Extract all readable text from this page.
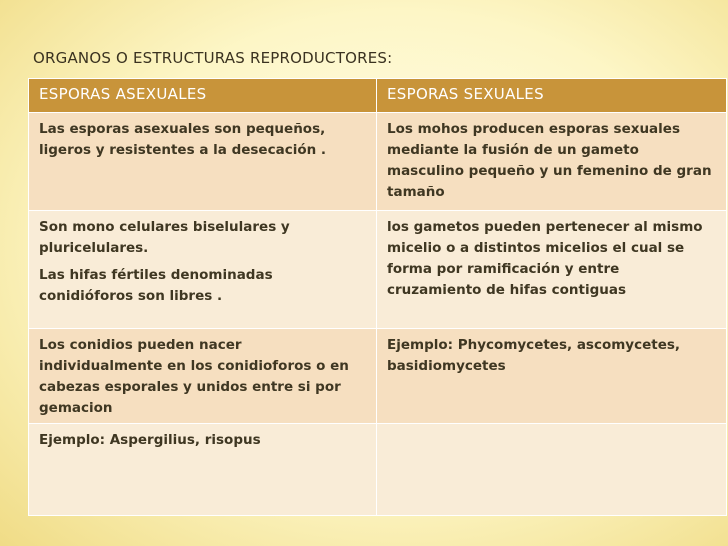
ORGANOS O ESTRUCTURAS REPRODUCTORES:
ESPORAS ASEXUALES	ESPORAS SEXUALES

Las esporas asexuales son pequeños, ligeros y resistentes a la desecación .	Los mohos producen esporas sexuales mediante la fusión de un gameto masculino pequeño y un femenino de gran tamaño

Son mono celulares biselulares y pluricelulares.
Las hifas fértiles denominadas conidióforos son libres .	los gametos pueden pertenecer al mismo micelio o a distintos micelios el cual se forma por ramificación y entre cruzamiento de hifas contiguas

Los conidios pueden nacer individualmente en los conidioforos o en cabezas esporales y unidos entre si por gemacion	Ejemplo: Phycomycetes, ascomycetes, basidiomycetes

Ejemplo: Aspergilius, risopus	
